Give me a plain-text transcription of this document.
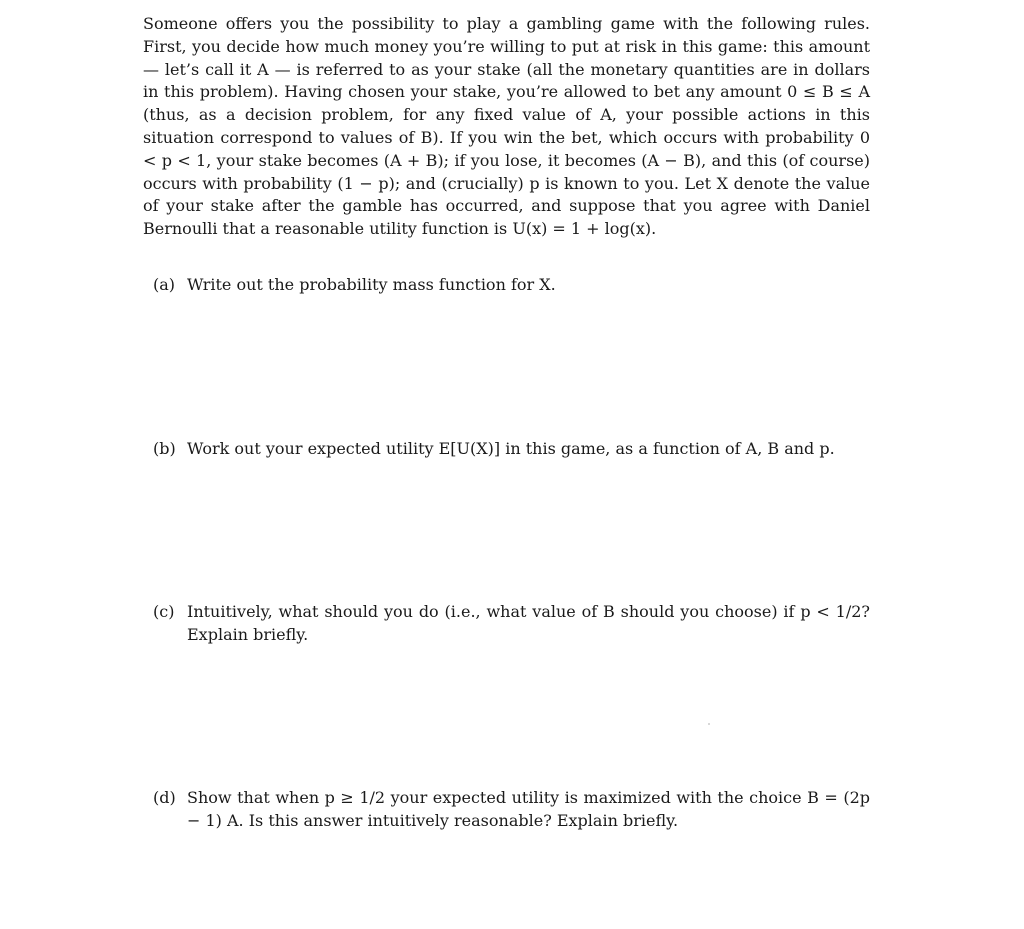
Someone offers you the possibility to play a gambling game with the following rules. First, you decide how much money you’re willing to put at risk in this game: this amount — let’s call it A — is referred to as your stake (all the monetary quantities are in dollars in this problem). Having chosen your stake, you’re allowed to bet any amount 0 ≤ B ≤ A (thus, as a decision problem, for any fixed value of A, your possible actions in this situation correspond to values of B). If you win the bet, which occurs with probability 0 < p < 1, your stake becomes (A + B); if you lose, it becomes (A − B), and this (of course) occurs with probability (1 − p); and (crucially) p is known to you. Let X denote the value of your stake after the gamble has occurred, and suppose that you agree with Daniel Bernoulli that a reasonable utility function is U(x) = 1 + log(x).

(a) Write out the probability mass function for X.
(b) Work out your expected utility E[U(X)] in this game, as a function of A, B and p.
(c) Intuitively, what should you do (i.e., what value of B should you choose) if p < 1/2? Explain briefly.
(d) Show that when p ≥ 1/2 your expected utility is maximized with the choice B = (2p − 1) A. Is this answer intuitively reasonable? Explain briefly.
